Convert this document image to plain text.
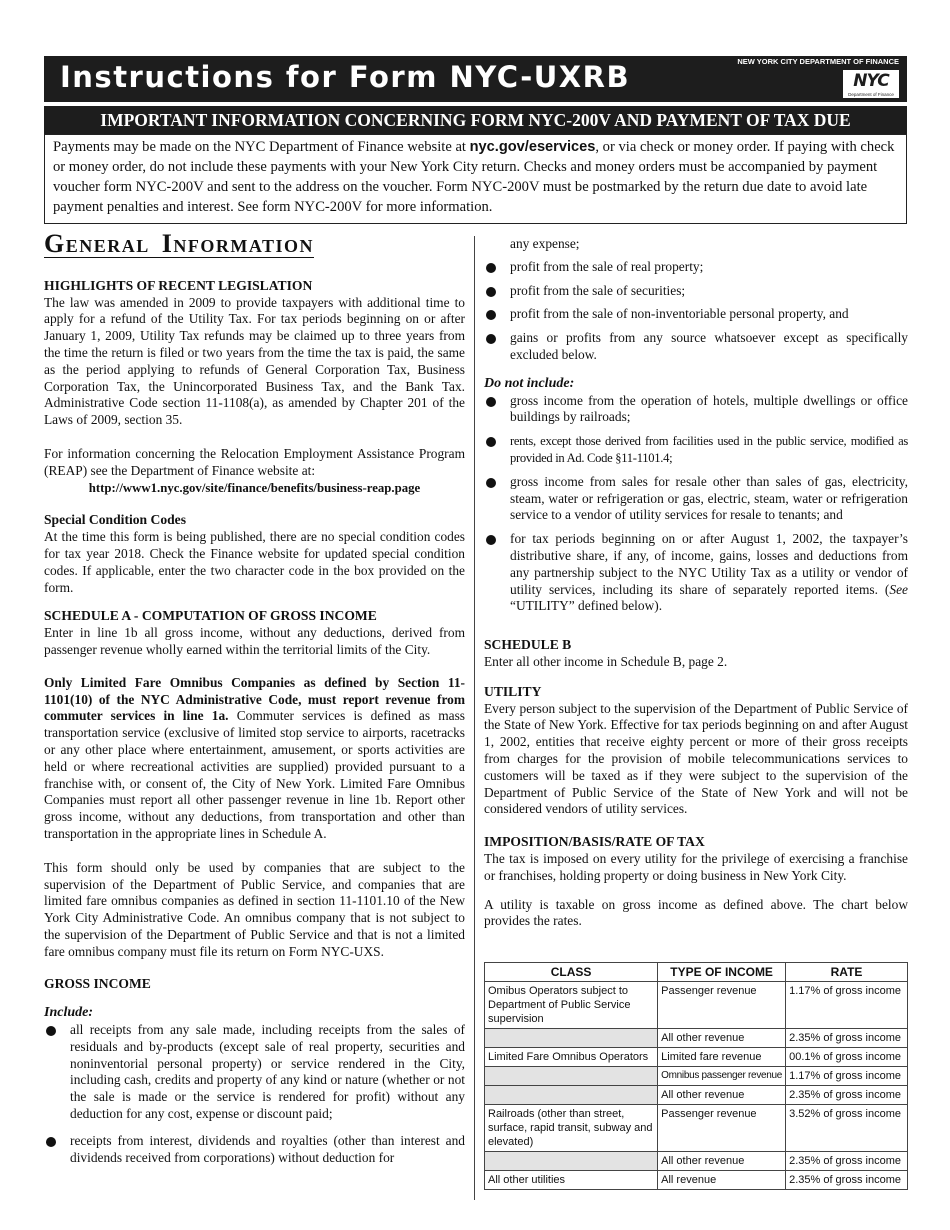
Instructions for Form NYC-UXRB	NEW YORK CITY DEPARTMENT OF FINANCE
NYC
Department of Finance
IMPORTANT INFORMATION CONCERNING FORM NYC-200V AND PAYMENT OF TAX DUE
Payments may be made on the NYC Department of Finance website at nyc.gov/eservices, or via check or money order. If paying with check or money order, do not include these payments with your New York City return. Checks and money orders must be accompanied by payment voucher form NYC-200V and sent to the address on the voucher. Form NYC-200V must be postmarked by the return due date to avoid late payment penalties and interest. See form NYC-200V for more information.
GENERAL INFORMATION

HIGHLIGHTS OF RECENT LEGISLATION

The law was amended in 2009 to provide taxpayers with additional time to apply for a refund of the Utility Tax. For tax periods beginning on or after January 1, 2009, Utility Tax refunds may be claimed up to three years from the time the return is filed or two years from the time the tax is paid, the same as the period applying to refunds of General Corporation Tax, Business Corporation Tax, the Unincorporated Business Tax, and the Bank Tax. Administrative Code section 11-1108(a), as amended by Chapter 201 of the Laws of 2009, section 35.

For information concerning the Relocation Employment Assistance Program (REAP) see the Department of Finance website at:

http://www1.nyc.gov/site/finance/benefits/business-reap.page

Special Condition Codes

At the time this form is being published, there are no special condition codes for tax year 2018. Check the Finance website for updated special condition codes. If applicable, enter the two character code in the box provided on the form.

SCHEDULE A - COMPUTATION OF GROSS INCOME

Enter in line 1b all gross income, without any deductions, derived from passenger revenue wholly earned within the territorial limits of the City.

Only Limited Fare Omnibus Companies as defined by Section 11-1101(10) of the NYC Administrative Code, must report revenue from commuter services in line 1a. Commuter services is defined as mass transportation service (exclusive of limited stop service to airports, racetracks or any other place where entertainment, amusement, or sports activities are held or where recreational activities are supplied) provided pursuant to a franchise with, or consent of, the City of New York. Limited Fare Omnibus Companies must report all other passenger revenue in line 1b. Report other gross income, without any deductions, from transportation and other than transportation in the appropriate lines in Schedule A.

This form should only be used by companies that are subject to the supervision of the Department of Public Service, and companies that are limited fare omnibus companies as defined in section 11-1101.10 of the New York City Administrative Code. An omnibus company that is not subject to the supervision of the Department of Public Service and that is not a limited fare omnibus company must file its return on Form NYC-UXS.

GROSS INCOME

Include:

all receipts from any sale made, including receipts from the sales of residuals and by-products (except sale of real property, securities and noninventorial personal property) or service rendered in the City, including cash, credits and property of any kind or nature (whether or not the sale is made or the service is rendered for profit) without any deduction for any cost, expense or discount paid;
receipts from interest, dividends and royalties (other than interest and dividends received from corporations) without deduction for

any expense;

profit from the sale of real property;
profit from the sale of securities;
profit from the sale of non-inventoriable personal property, and
gains or profits from any source whatsoever except as specifically excluded below.

Do not include:

gross income from the operation of hotels, multiple dwellings or office buildings by railroads;
rents, except those derived from facilities used in the public service, modified as provided in Ad. Code §11-1101.4;
gross income from sales for resale other than sales of gas, electricity, steam, water or refrigeration or gas, electric, steam, water or refrigeration service to a vendor of utility services for resale to tenants; and
for tax periods beginning on or after August 1, 2002, the taxpayer’s distributive share, if any, of income, gains, losses and deductions from any partnership subject to the NYC Utility Tax as a utility or vendor of utility services, including its share of separately reported items. (See “UTILITY” defined below).

SCHEDULE B

Enter all other income in Schedule B, page 2.

UTILITY

Every person subject to the supervision of the Department of Public Service of the State of New York. Effective for tax periods beginning on and after August 1, 2002, entities that receive eighty percent or more of their gross receipts from charges for the provision of mobile telecommunications services to customers will be taxed as if they were subject to the supervision of the Department of Public Service of the State of New York and will not be considered vendors of utility services.

IMPOSITION/BASIS/RATE OF TAX

The tax is imposed on every utility for the privilege of exercising a franchise or franchises, holding property or doing business in New York City.

A utility is taxable on gross income as defined above. The chart below provides the rates.

CLASS	TYPE OF INCOME	RATE
Omibus Operators subject to Department of Public Service supervision	Passenger revenue	1.17% of gross income
	All other revenue	2.35% of gross income
Limited Fare Omnibus Operators	Limited fare revenue	00.1% of gross income
	Omnibus passenger revenue	1.17% of gross income
	All other revenue	2.35% of gross income
Railroads (other than street, surface, rapid transit, subway and elevated)	Passenger revenue	3.52% of gross income
	All other revenue	2.35% of gross income
All other utilities	All revenue	2.35% of gross income
